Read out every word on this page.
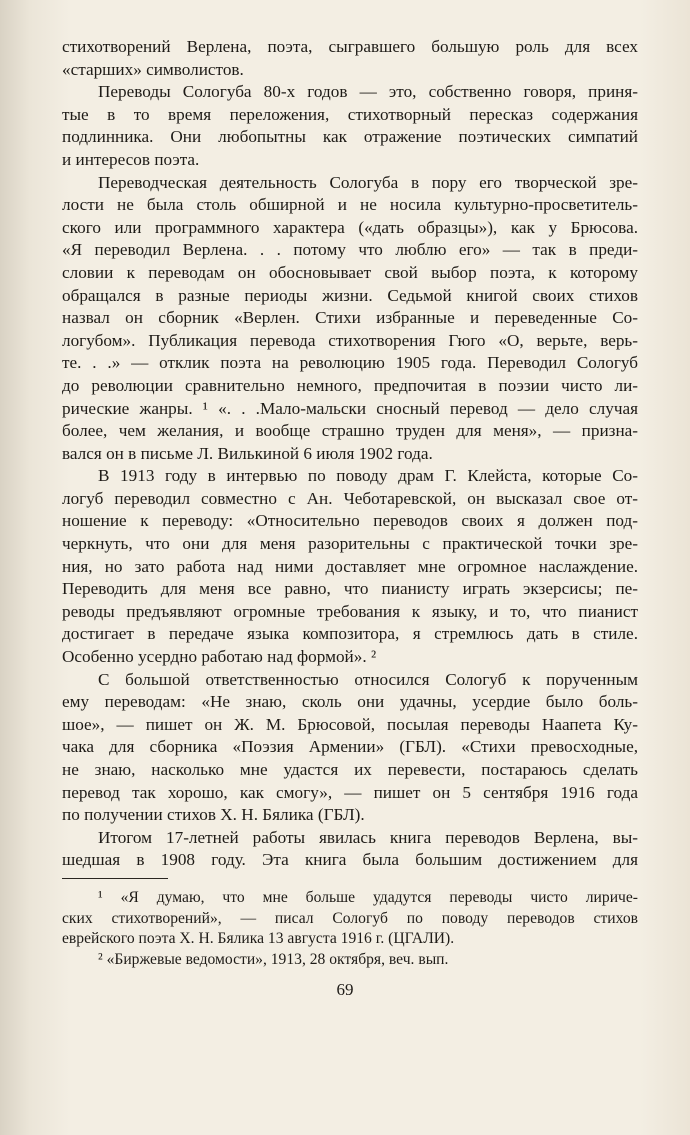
стихотворений Верлена, поэта, сыгравшего большую роль для всех
«старших» символистов.
Переводы Сологуба 80-х годов — это, собственно говоря, приня-
тые в то время переложения, стихотворный пересказ содержания
подлинника. Они любопытны как отражение поэтических симпатий
и интересов поэта.
Переводческая деятельность Сологуба в пору его творческой зре-
лости не была столь обширной и не носила культурно-просветитель-
ского или программного характера («дать образцы»), как у Брюсова.
«Я переводил Верлена. . . потому что люблю его» — так в преди-
словии к переводам он обосновывает свой выбор поэта, к которому
обращался в разные периоды жизни. Седьмой книгой своих стихов
назвал он сборник «Верлен. Стихи избранные и переведенные Со-
логубом». Публикация перевода стихотворения Гюго «О, верьте, верь-
те. . .» — отклик поэта на революцию 1905 года. Переводил Сологуб
до революции сравнительно немного, предпочитая в поэзии чисто ли-
рические жанры. ¹ «. . .Мало-мальски сносный перевод — дело случая
более, чем желания, и вообще страшно труден для меня», — призна-
вался он в письме Л. Вилькиной 6 июля 1902 года.
В 1913 году в интервью по поводу драм Г. Клейста, которые Со-
логуб переводил совместно с Ан. Чеботаревской, он высказал свое от-
ношение к переводу: «Относительно переводов своих я должен под-
черкнуть, что они для меня разорительны с практической точки зре-
ния, но зато работа над ними доставляет мне огромное наслаждение.
Переводить для меня все равно, что пианисту играть экзерсисы; пе-
реводы предъявляют огромные требования к языку, и то, что пианист
достигает в передаче языка композитора, я стремлюсь дать в стиле.
Особенно усердно работаю над формой». ²
С большой ответственностью относился Сологуб к порученным
ему переводам: «Не знаю, сколь они удачны, усердие было боль-
шое», — пишет он Ж. М. Брюсовой, посылая переводы Наапета Ку-
чака для сборника «Поэзия Армении» (ГБЛ). «Стихи превосходные,
не знаю, насколько мне удастся их перевести, постараюсь сделать
перевод так хорошо, как смогу», — пишет он 5 сентября 1916 года
по получении стихов Х. Н. Бялика (ГБЛ).
Итогом 17-летней работы явилась книга переводов Верлена, вы-
шедшая в 1908 году. Эта книга была большим достижением для
¹ «Я думаю, что мне больше удадутся переводы чисто лириче-
ских стихотворений», — писал Сологуб по поводу переводов стихов
еврейского поэта Х. Н. Бялика 13 августа 1916 г. (ЦГАЛИ).
² «Биржевые ведомости», 1913, 28 октября, веч. вып.
69
